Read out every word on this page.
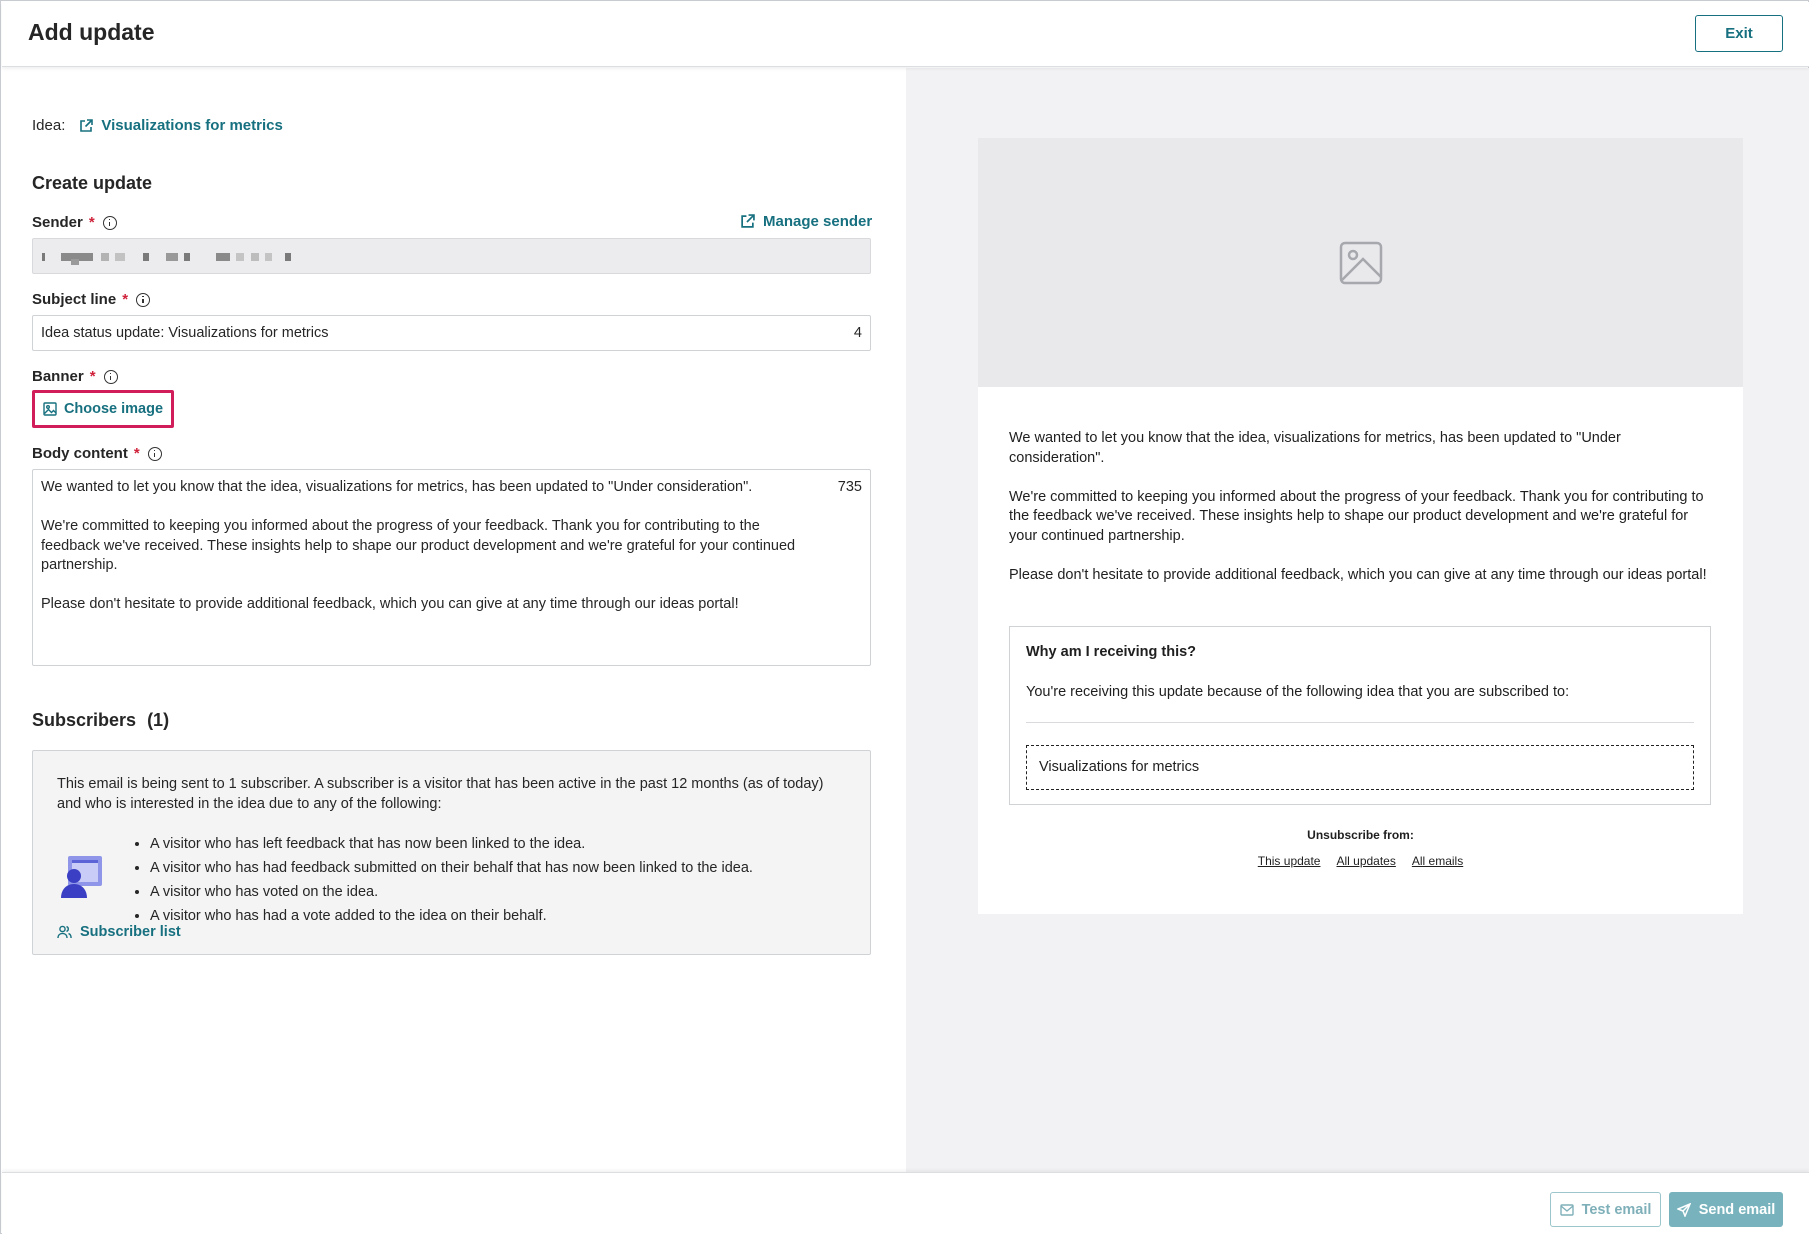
Add update	Exit
Idea: Visualizations for metrics
Create update
Sender *	Manage sender
Subject line *
Idea status update: Visualizations for metrics	4
Banner *
Choose image
Body content *

We wanted to let you know that the idea, visualizations for metrics, has been updated to "Under consideration".

We're committed to keeping you informed about the progress of your feedback. Thank you for contributing to the feedback we've received. These insights help to shape our product development and we're grateful for your continued partnership.

Please don't hesitate to provide additional feedback, which you can give at any time through our ideas portal!

735
Subscribers (1)
This email is being sent to 1 subscriber. A subscriber is a visitor that has been active in the past 12 months (as of today) and who is interested in the idea due to any of the following:
• A visitor who has left feedback that has now been linked to the idea.
• A visitor who has had feedback submitted on their behalf that has now been linked to the idea.
• A visitor who has voted on the idea.
• A visitor who has had a vote added to the idea on their behalf.
Subscriber list

We wanted to let you know that the idea, visualizations for metrics, has been updated to "Under consideration".

We're committed to keeping you informed about the progress of your feedback. Thank you for contributing to the feedback we've received. These insights help to shape our product development and we're grateful for your continued partnership.

Please don't hesitate to provide additional feedback, which you can give at any time through our ideas portal!

Why am I receiving this?
You're receiving this update because of the following idea that you are subscribed to:
Visualizations for metrics
Unsubscribe from:
This update All updates All emails
Test email	Send email
